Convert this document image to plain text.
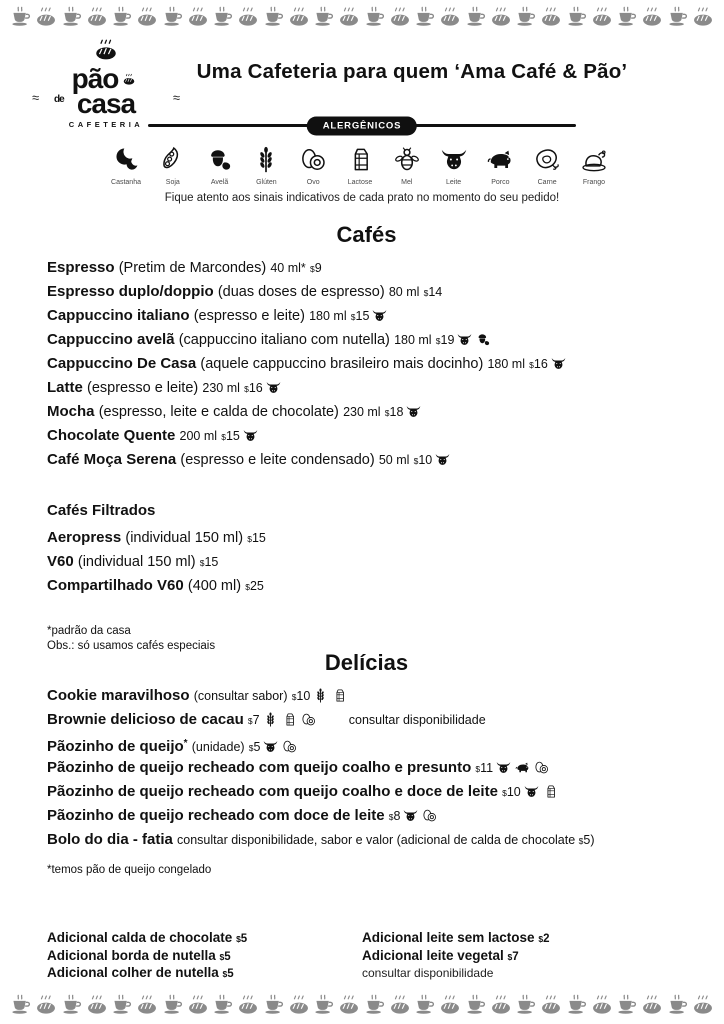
≈	≈
pão
de casa
CAFETERIA
Uma Cafeteria para quem ‘Ama Café & Pão’
ALERGÊNICOS
Castanha	Soja	Avelã	Glúten	Ovo	Lactose	Mel	Leite	Porco	Carne	Frango
Fique atento aos sinais indicativos de cada prato no momento do seu pedido!
Cafés
Espresso (Pretim de Marcondes) 40 ml* $9
Espresso duplo/doppio (duas doses de espresso) 80 ml $14
Cappuccino italiano (espresso e leite) 180 ml $15
Cappuccino avelã (cappuccino italiano com nutella) 180 ml $19
Cappuccino De Casa (aquele cappuccino brasileiro mais docinho) 180 ml $16
Latte (espresso e leite) 230 ml $16
Mocha (espresso, leite e calda de chocolate) 230 ml $18
Chocolate Quente 200 ml $15
Café Moça Serena (espresso e leite condensado) 50 ml $10
Cafés Filtrados
Aeropress (individual 150 ml) $15
V60 (individual 150 ml) $15
Compartilhado V60 (400 ml) $25
*padrão da casa
Obs.: só usamos cafés especiais
Delícias
Cookie maravilhoso (consultar sabor) $10
Brownie delicioso de cacau $7	consultar disponibilidade
Pãozinho de queijo* (unidade) $5
Pãozinho de queijo recheado com queijo coalho e presunto $11
Pãozinho de queijo recheado com queijo coalho e doce de leite $10
Pãozinho de queijo recheado com doce de leite $8
Bolo do dia - fatia consultar disponibilidade, sabor e valor (adicional de calda de chocolate $5)
*temos pão de queijo congelado
Adicional calda de chocolate $5
Adicional borda de nutella $5
Adicional colher de nutella $5
Adicional leite sem lactose $2
Adicional leite vegetal $7
consultar disponibilidade
